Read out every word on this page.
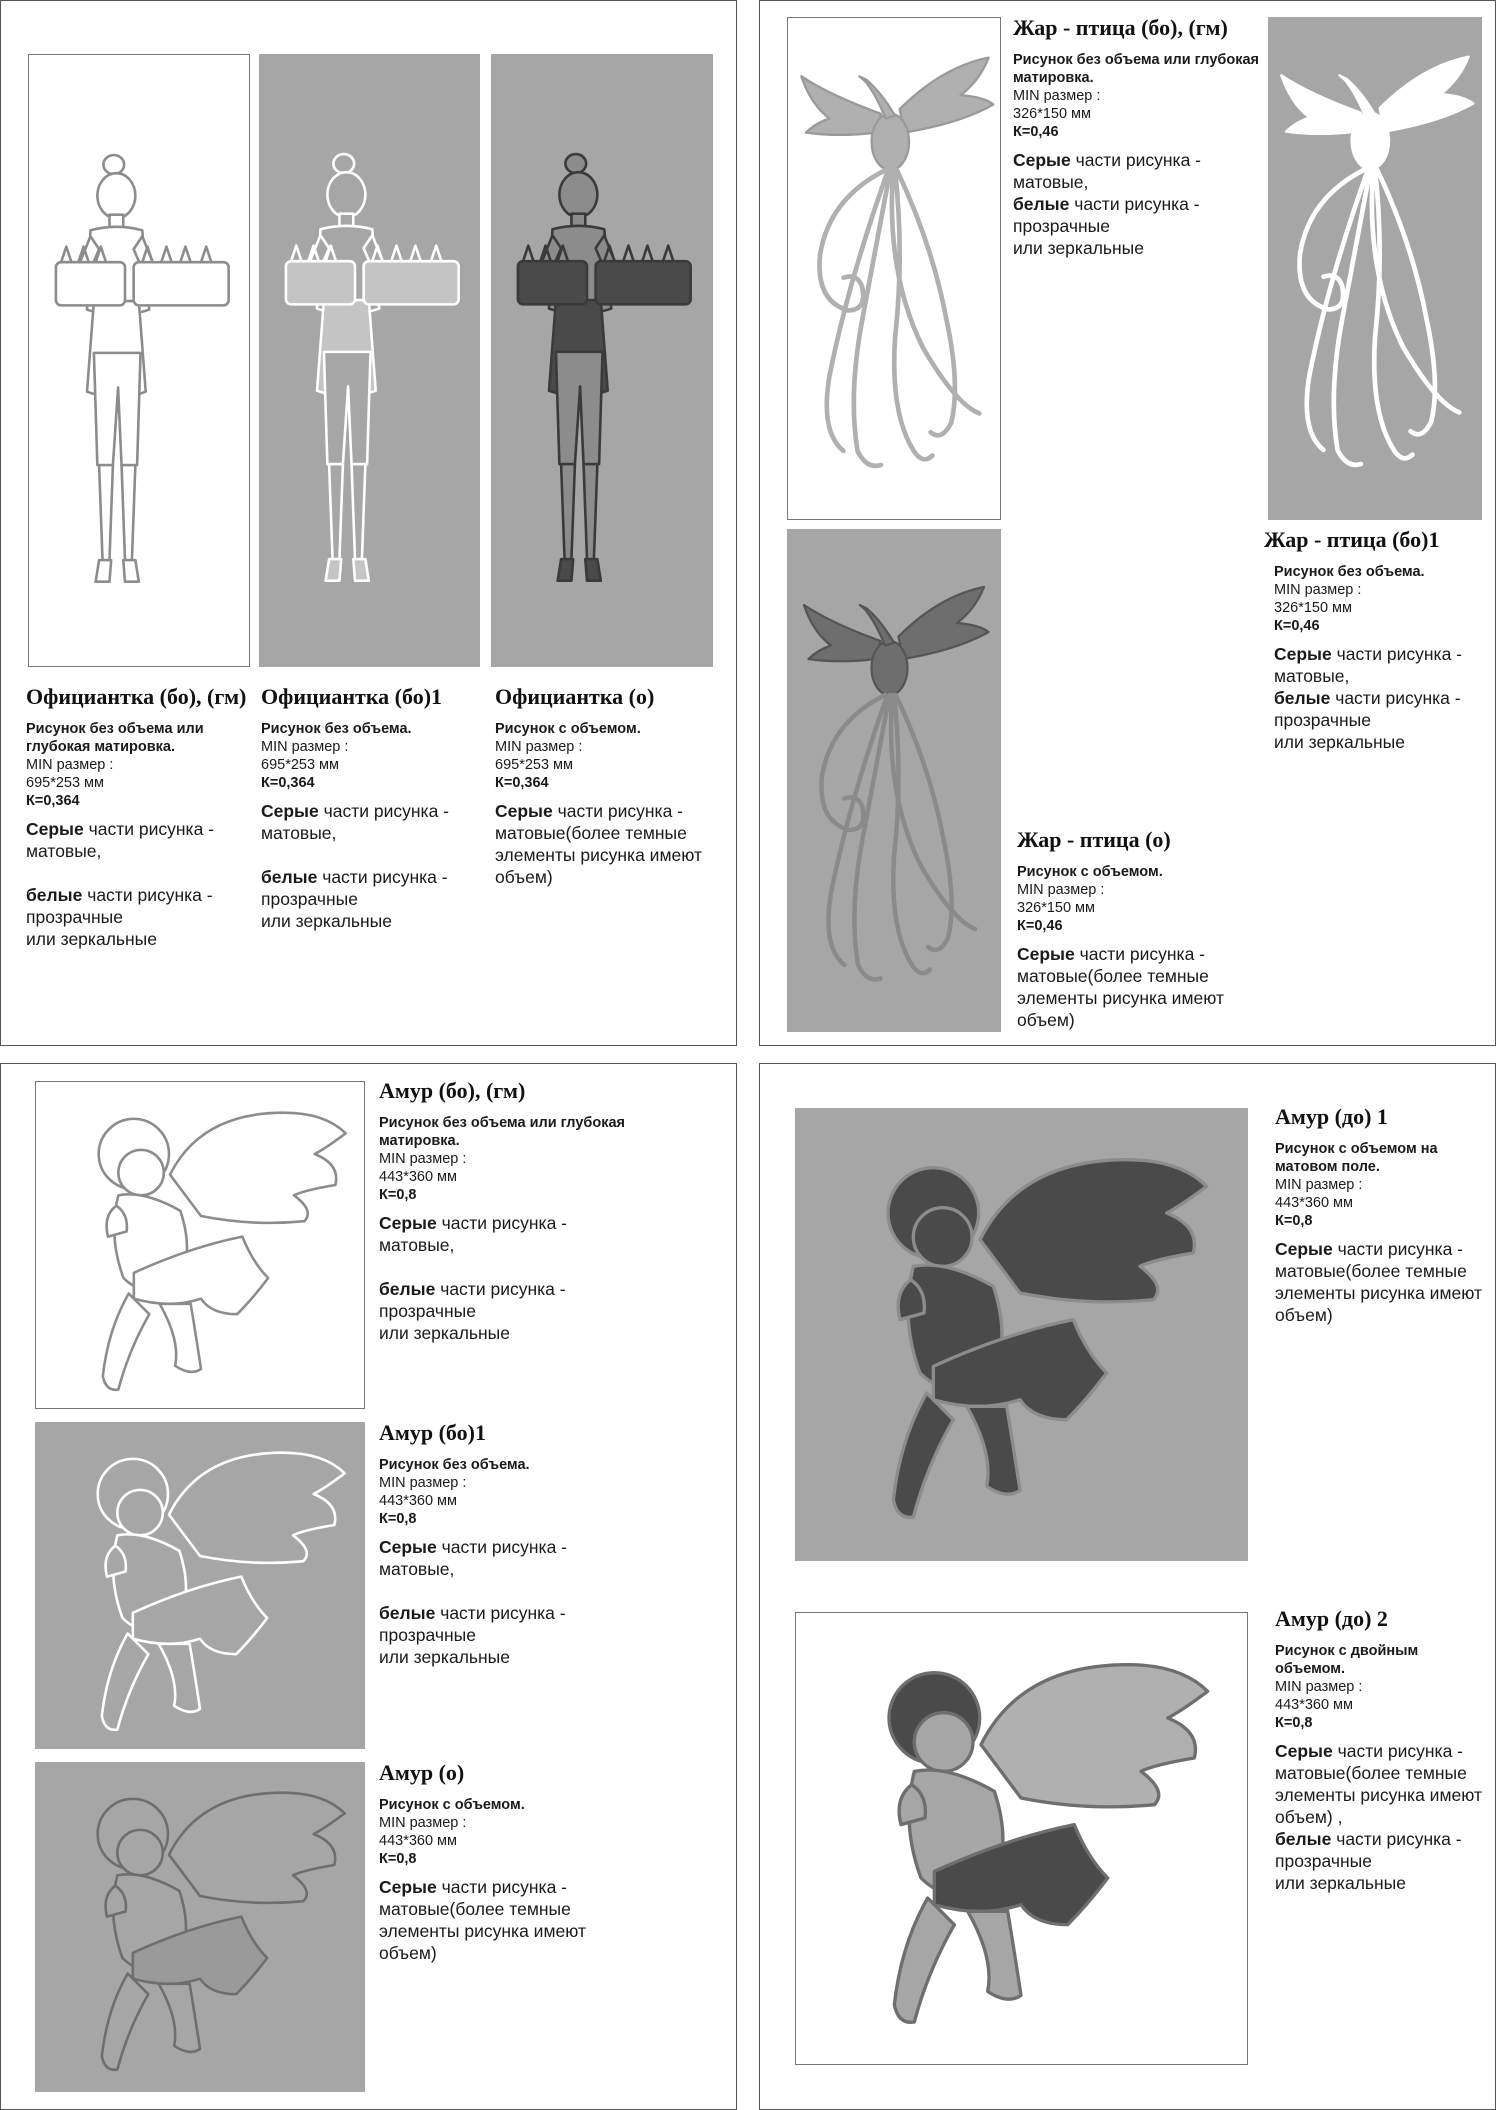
Официантка (бо), (гм)
Рисунок без объема или глубокая матировка.
MIN размер :
695*253 мм
К=0,364
Серые части рисунка - матовые,
белые части рисунка - прозрачные
или зеркальные
Официантка (бо)1
Рисунок без объема.
MIN размер :
695*253 мм
К=0,364
Серые части рисунка - матовые,
белые части рисунка - прозрачные
или зеркальные
Официантка (о)
Рисунок с объемом.
MIN размер :
695*253 мм
К=0,364
Серые части рисунка - матовые(более темные элементы рисунка имеют объем)
Жар - птица (бо), (гм)
Рисунок без объема или глубокая матировка.
MIN размер :
326*150 мм
К=0,46
Серые части рисунка - матовые,
белые части рисунка - прозрачные
или зеркальные
Жар - птица (бо)1
Рисунок без объема.
MIN размер :
326*150 мм
К=0,46
Серые части рисунка - матовые,
белые части рисунка - прозрачные
или зеркальные
Жар - птица (о)
Рисунок с объемом.
MIN размер :
326*150 мм
К=0,46
Серые части рисунка - матовые(более темные элементы рисунка имеют объем)
Амур (бо), (гм)
Рисунок без объема или глубокая матировка.
MIN размер :
443*360 мм
К=0,8
Серые части рисунка - матовые,
белые части рисунка - прозрачные
или зеркальные
Амур (бо)1
Рисунок без объема.
MIN размер :
443*360 мм
К=0,8
Серые части рисунка - матовые,
белые части рисунка - прозрачные
или зеркальные
Амур (о)
Рисунок с объемом.
MIN размер :
443*360 мм
К=0,8
Серые части рисунка - матовые(более темные элементы рисунка имеют объем)
Амур (до) 1
Рисунок с объемом на матовом поле.
MIN размер :
443*360 мм
К=0,8
Серые части рисунка - матовые(более темные элементы рисунка имеют объем)
Амур (до) 2
Рисунок с двойным объемом.
MIN размер :
443*360 мм
К=0,8
Серые части рисунка - матовые(более темные элементы рисунка имеют объем) ,
белые части рисунка - прозрачные
или зеркальные
